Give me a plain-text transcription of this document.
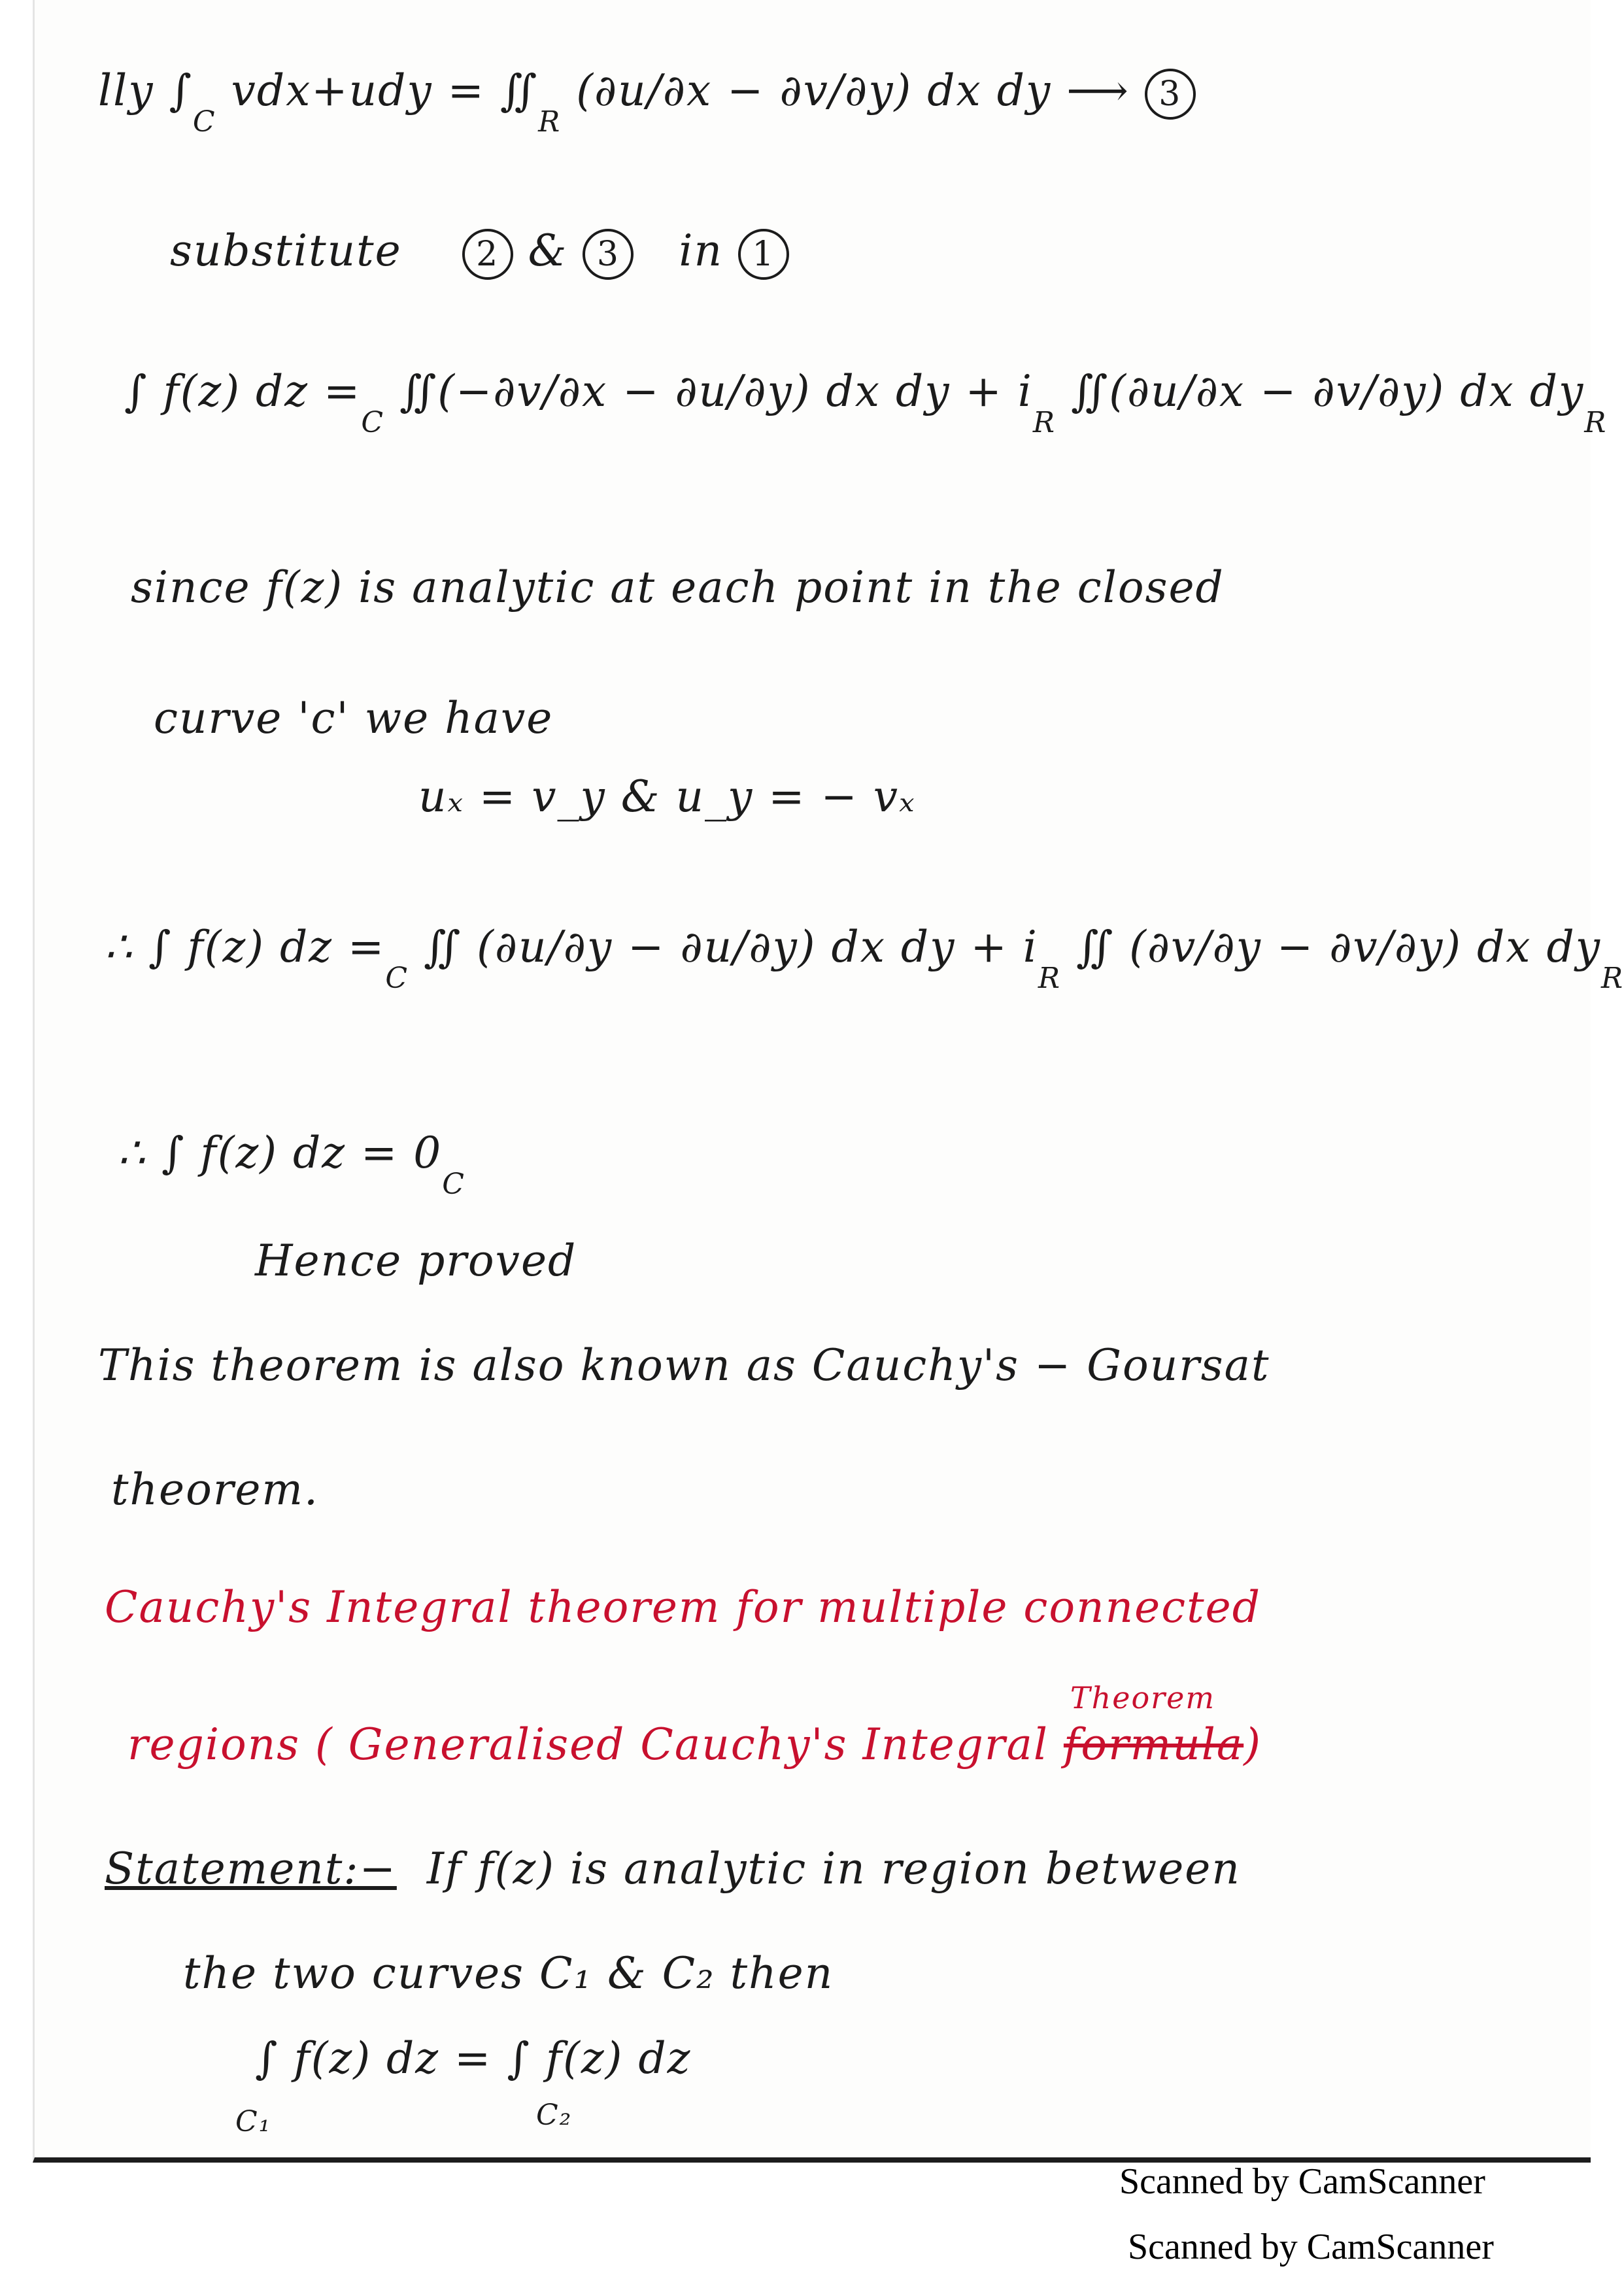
lly $\int_C$ $vdx+udy = ∬_R$ (∂u/∂x − ∂v/∂y) dx dy ⟶ 3
substitute 2 & 3 in 1
∫ f(z) dz $=_C$ ∬(−∂v/∂x − ∂u/∂y) dx dy + $i_R$ ∬(∂u/∂x − ∂v/∂y) dx $dy_R$
since f(z) is analytic at each point in the closed
curve 'c' we have
uₓ = v_y & u_y = − vₓ
∴ ∫ f(z) dz $=_C$ ∬ (∂u/∂y − ∂u/∂y) dx dy + $i_R$ ∬ (∂v/∂y − ∂v/∂y) dx $dy_R$
∴ ∫ f(z) dz = $0_C$
Hence proved
This theorem is also known as Cauchy's − Goursat
theorem.
Cauchy's Integral theorem for multiple connected
regions ( Generalised Cauchy's Integral
Theorem
formula)
Statement:− If f(z) is analytic in region between
the two curves C₁ & C₂ then
∫ f(z) dz = ∫ f(z) dz
C₁	C₂
Scanned by CamScanner
Scanned by CamScanner
